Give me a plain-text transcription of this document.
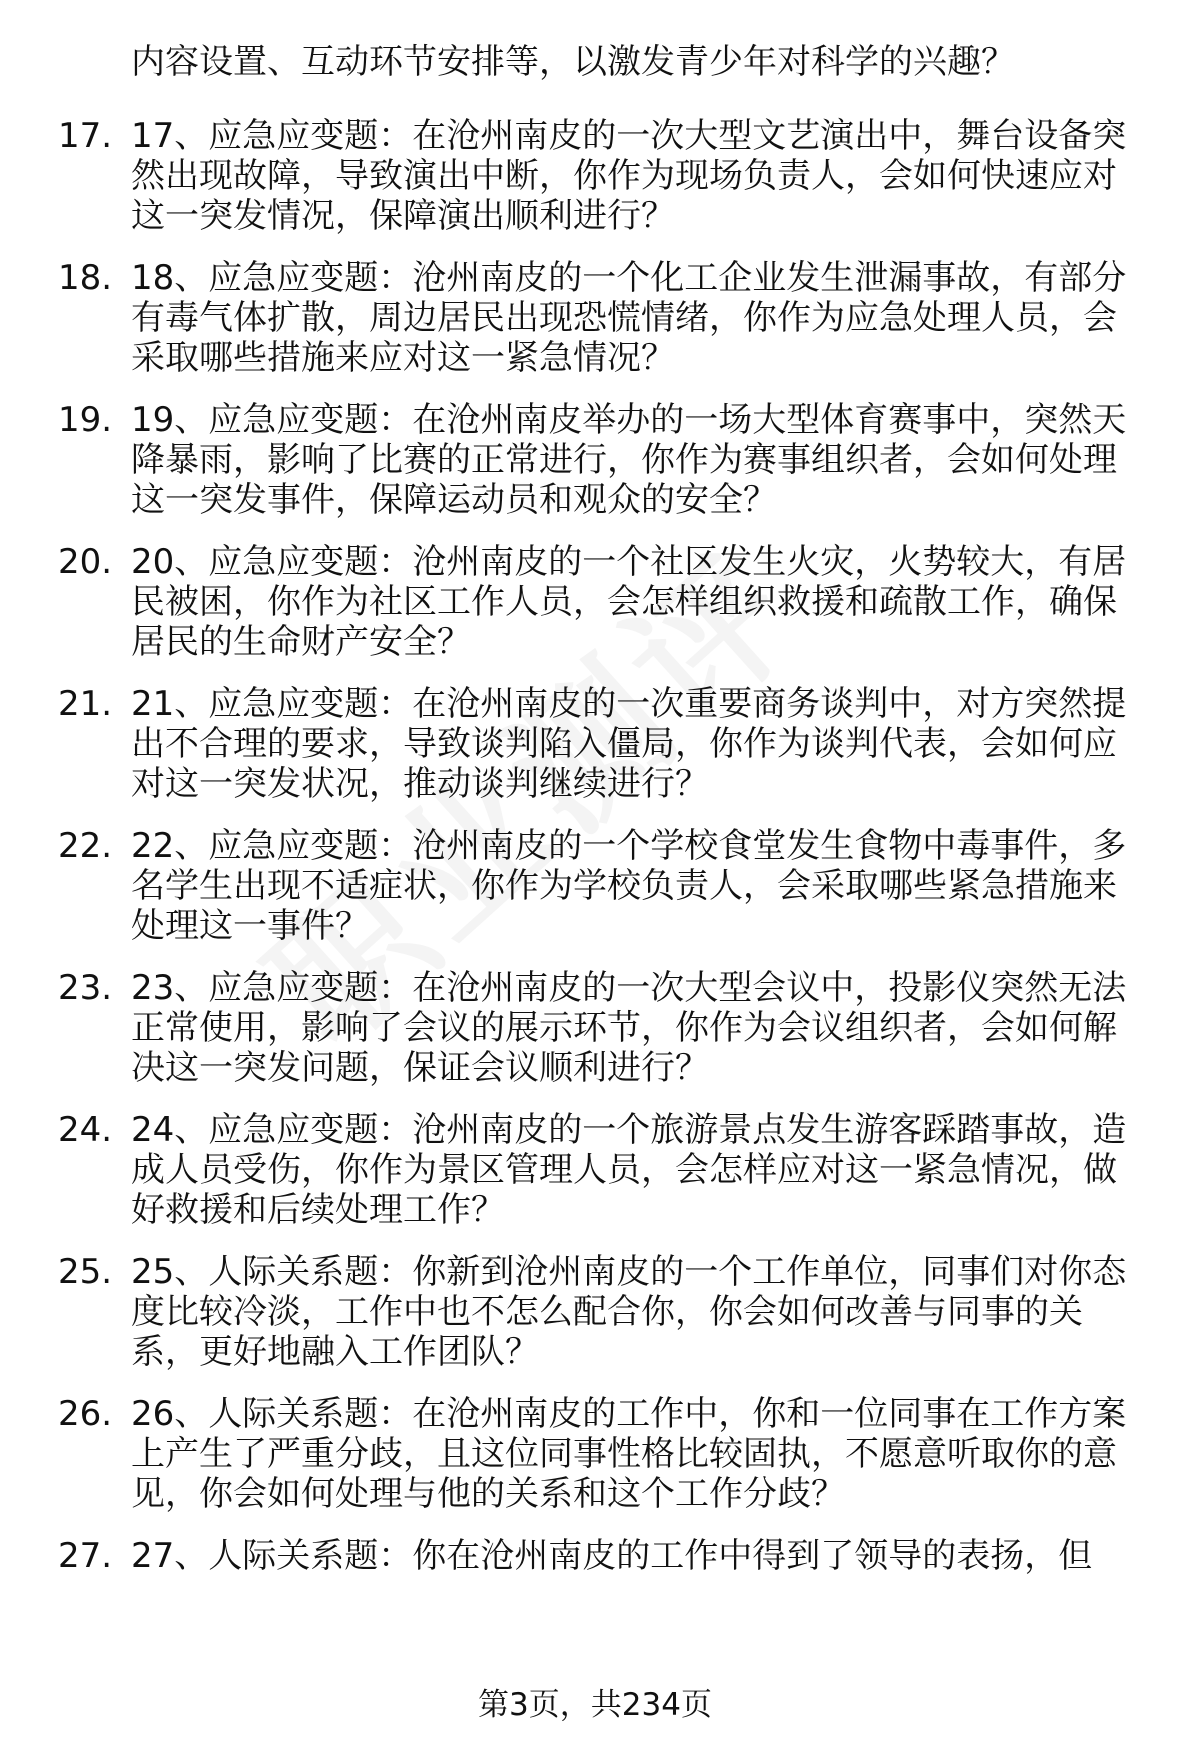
内容设置、互动环节安排等，以激发青少年对科学的兴趣？

17. 17、应急应变题：在沧州南皮的一次大型文艺演出中，舞台设备突然出现故障，导致演出中断，你作为现场负责人，会如何快速应对这一突发情况，保障演出顺利进行？
18. 18、应急应变题：沧州南皮的一个化工企业发生泄漏事故，有部分有毒气体扩散，周边居民出现恐慌情绪，你作为应急处理人员，会采取哪些措施来应对这一紧急情况？
19. 19、应急应变题：在沧州南皮举办的一场大型体育赛事中，突然天降暴雨，影响了比赛的正常进行，你作为赛事组织者，会如何处理这一突发事件，保障运动员和观众的安全？
20. 20、应急应变题：沧州南皮的一个社区发生火灾，火势较大，有居民被困，你作为社区工作人员，会怎样组织救援和疏散工作，确保居民的生命财产安全？
21. 21、应急应变题：在沧州南皮的一次重要商务谈判中，对方突然提出不合理的要求，导致谈判陷入僵局，你作为谈判代表，会如何应对这一突发状况，推动谈判继续进行？
22. 22、应急应变题：沧州南皮的一个学校食堂发生食物中毒事件，多名学生出现不适症状，你作为学校负责人，会采取哪些紧急措施来处理这一事件？
23. 23、应急应变题：在沧州南皮的一次大型会议中，投影仪突然无法正常使用，影响了会议的展示环节，你作为会议组织者，会如何解决这一突发问题，保证会议顺利进行？
24. 24、应急应变题：沧州南皮的一个旅游景点发生游客踩踏事故，造成人员受伤，你作为景区管理人员，会怎样应对这一紧急情况，做好救援和后续处理工作？
25. 25、人际关系题：你新到沧州南皮的一个工作单位，同事们对你态度比较冷淡，工作中也不怎么配合你，你会如何改善与同事的关系，更好地融入工作团队？
26. 26、人际关系题：在沧州南皮的工作中，你和一位同事在工作方案上产生了严重分歧，且这位同事性格比较固执，不愿意听取你的意见，你会如何处理与他的关系和这个工作分歧？
27. 27、人际关系题：你在沧州南皮的工作中得到了领导的表扬，但
第3页，共234页
